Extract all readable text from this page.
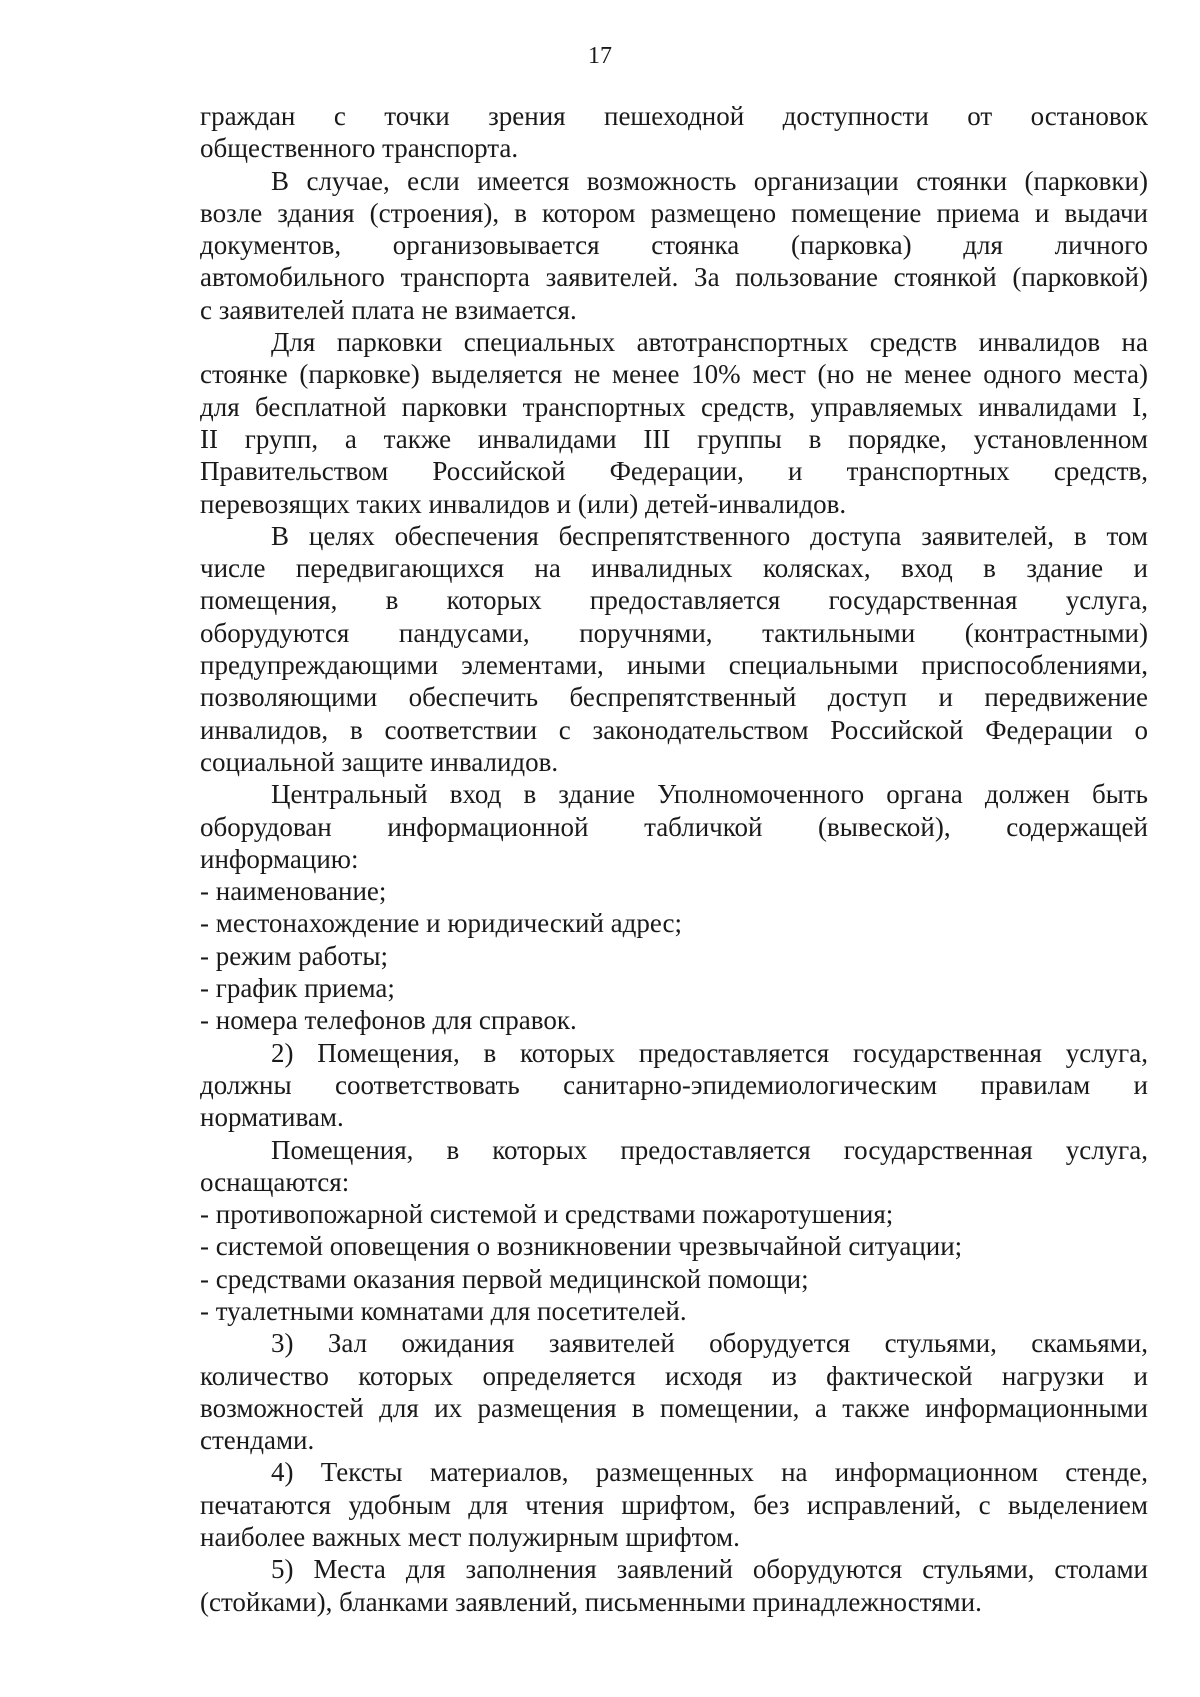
17

граждан с точки зрения пешеходной доступности от остановок

общественного транспорта.

В случае, если имеется возможность организации стоянки (парковки)

возле здания (строения), в котором размещено помещение приема и выдачи

документов, организовывается стоянка (парковка) для личного

автомобильного транспорта заявителей. За пользование стоянкой (парковкой)

с заявителей плата не взимается.

Для парковки специальных автотранспортных средств инвалидов на

стоянке (парковке) выделяется не менее 10% мест (но не менее одного места)

для бесплатной парковки транспортных средств, управляемых инвалидами I,

II групп, а также инвалидами III группы в порядке, установленном

Правительством Российской Федерации, и транспортных средств,

перевозящих таких инвалидов и (или) детей-инвалидов.

В целях обеспечения беспрепятственного доступа заявителей, в том

числе передвигающихся на инвалидных колясках, вход в здание и

помещения, в которых предоставляется государственная услуга,

оборудуются пандусами, поручнями, тактильными (контрастными)

предупреждающими элементами, иными специальными приспособлениями,

позволяющими обеспечить беспрепятственный доступ и передвижение

инвалидов, в соответствии с законодательством Российской Федерации о

социальной защите инвалидов.

Центральный вход в здание Уполномоченного органа должен быть

оборудован информационной табличкой (вывеской), содержащей

информацию:

- наименование;

- местонахождение и юридический адрес;

- режим работы;

- график приема;

- номера телефонов для справок.

2) Помещения, в которых предоставляется государственная услуга,

должны соответствовать санитарно-эпидемиологическим правилам и

нормативам.

Помещения, в которых предоставляется государственная услуга,

оснащаются:

- противопожарной системой и средствами пожаротушения;

- системой оповещения о возникновении чрезвычайной ситуации;

- средствами оказания первой медицинской помощи;

- туалетными комнатами для посетителей.

3) Зал ожидания заявителей оборудуется стульями, скамьями,

количество которых определяется исходя из фактической нагрузки и

возможностей для их размещения в помещении, а также информационными

стендами.

4) Тексты материалов, размещенных на информационном стенде,

печатаются удобным для чтения шрифтом, без исправлений, с выделением

наиболее важных мест полужирным шрифтом.

5) Места для заполнения заявлений оборудуются стульями, столами

(стойками), бланками заявлений, письменными принадлежностями.
